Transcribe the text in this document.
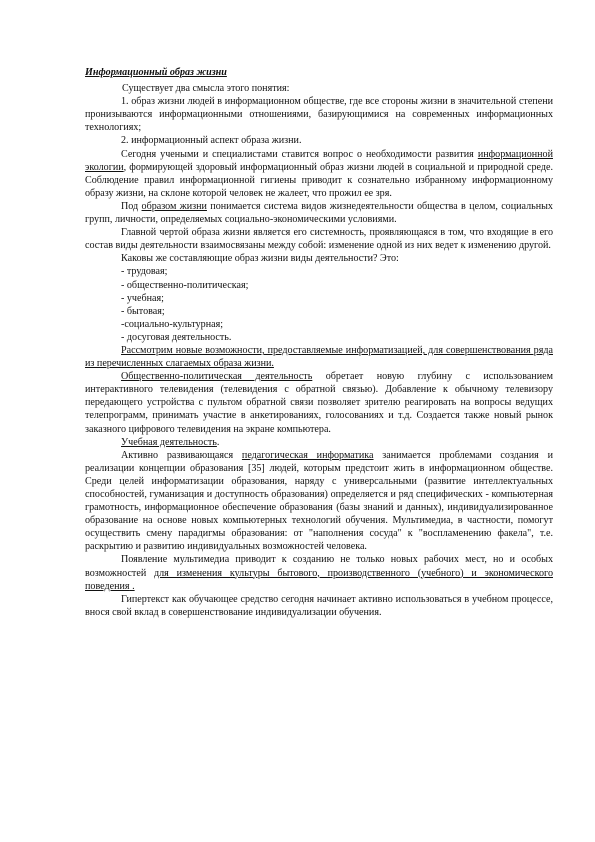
Информационный образ жизни

Существует два смысла этого понятия:

1. образ жизни людей в информационном обществе, где все стороны жизни в значительной степени пронизываются информационными отношениями, базирующимися на современных информационных технологиях;

2. информационный аспект образа жизни.

Сегодня учеными и специалистами ставится вопрос о необходимости развития информационной экологии, формирующей здоровый информационный образ жизни людей в социальной и природной среде. Соблюдение правил информационной гигиены приводит к сознательно избранному информационному образу жизни, на склоне которой человек не жалеет, что прожил ее зря.

Под образом жизни понимается система видов жизнедеятельности общества в целом, социальных групп, личности, определяемых социально-экономическими условиями.

Главной чертой образа жизни является его системность, проявляющаяся в том, что входящие в его состав виды деятельности взаимосвязаны между собой: изменение одной из них ведет к изменению другой.

Каковы же составляющие образ жизни виды деятельности? Это:

- трудовая;

- общественно-политическая;

- учебная;

- бытовая;

-социально-культурная;

- досуговая деятельность.

Рассмотрим новые возможности, предоставляемые информатизацией, для совершенствования ряда из перечисленных слагаемых образа жизни.

Общественно-политическая деятельность обретает новую глубину с использованием интерактивного телевидения (телевидения с обратной связью). Добавление к обычному телевизору передающего устройства с пультом обратной связи позволяет зрителю реагировать на вопросы ведущих телепрограмм, принимать участие в анкетированиях, голосованиях и т.д. Создается также новый рынок заказного цифрового телевидения на экране компьютера.

Учебная деятельность.

Активно развивающаяся педагогическая информатика занимается проблемами создания и реализации концепции образования [35] людей, которым предстоит жить в информационном обществе. Среди целей информатизации образования, наряду с универсальными (развитие интеллектуальных способностей, гуманизация и доступность образования) определяется и ряд специфических - компьютерная грамотность, информационное обеспечение образования (базы знаний и данных), индивидуализированное образование на основе новых компьютерных технологий обучения. Мультимедиа, в частности, помогут осуществить смену парадигмы образования: от "наполнения сосуда" к "воспламенению факела", т.е. раскрытию и развитию индивидуальных возможностей человека.

Появление мультимедиа приводит к созданию не только новых рабочих мест, но и особых возможностей для изменения культуры бытового, производственного (учебного) и экономического поведения .

Гипертекст как обучающее средство сегодня начинает активно использоваться в учебном процессе, внося свой вклад в совершенствование индивидуализации обучения.
